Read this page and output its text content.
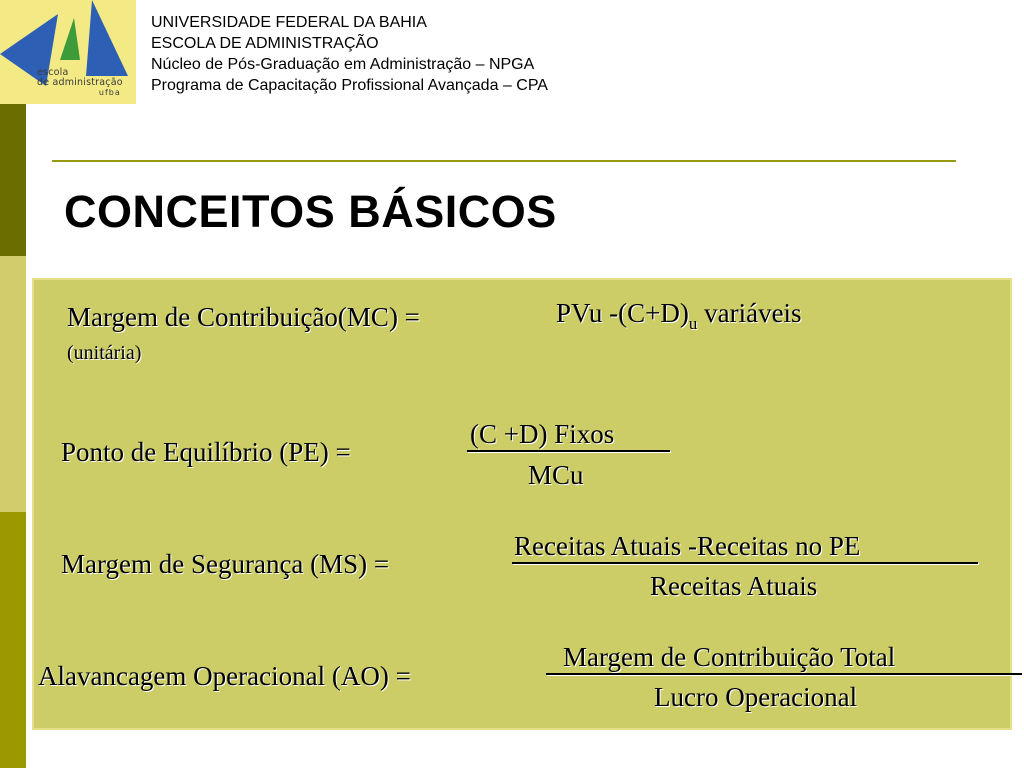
escola
de administração
ufba
UNIVERSIDADE FEDERAL DA BAHIA
ESCOLA DE ADMINISTRAÇÃO
Núcleo de Pós-Graduação em Administração – NPGA
Programa de Capacitação Profissional Avançada – CPA
CONCEITOS BÁSICOS
Margem de Contribuição(MC) =
(unitária)
PVu $-(C+D)_u$ variáveis
Ponto de Equilíbrio (PE) =
(C +D) Fixos
MCu
Margem de Segurança (MS) =
Receitas Atuais -Receitas no PE
Receitas Atuais
Alavancagem Operacional (AO) =
Margem de Contribuição Total
Lucro Operacional
